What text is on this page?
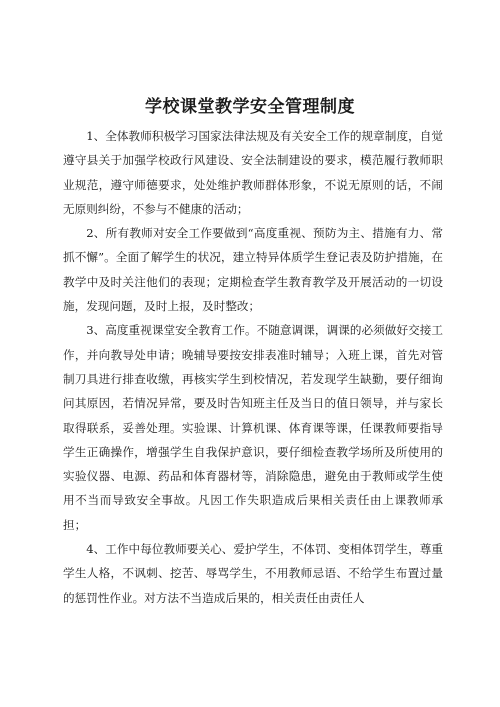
学校课堂教学安全管理制度

1、全体教师积极学习国家法律法规及有关安全工作的规章制度，自觉遵守县关于加强学校政行风建设、安全法制建设的要求，模范履行教师职业规范，遵守师德要求，处处维护教师群体形象，不说无原则的话，不闹无原则纠纷，不参与不健康的活动；

2、所有教师对安全工作要做到“高度重视、预防为主、措施有力、常抓不懈”。全面了解学生的状况，建立特异体质学生登记表及防护措施，在教学中及时关注他们的表现；定期检查学生教育教学及开展活动的一切设施，发现问题，及时上报，及时整改；

3、高度重视课堂安全教育工作。不随意调课，调课的必须做好交接工作，并向教导处申请；晚辅导要按安排表准时辅导；入班上课，首先对管制刀具进行排查收缴，再核实学生到校情况，若发现学生缺勤，要仔细询问其原因，若情况异常，要及时告知班主任及当日的值日领导，并与家长取得联系，妥善处理。实验课、计算机课、体育课等课，任课教师要指导学生正确操作，增强学生自我保护意识，要仔细检查教学场所及所使用的实验仪器、电源、药品和体育器材等，消除隐患，避免由于教师或学生使用不当而导致安全事故。凡因工作失职造成后果相关责任由上课教师承担；

4、工作中每位教师要关心、爱护学生，不体罚、变相体罚学生，尊重学生人格，不讽刺、挖苦、辱骂学生，不用教师忌语、不给学生布置过量的惩罚性作业。对方法不当造成后果的，相关责任由责任人
